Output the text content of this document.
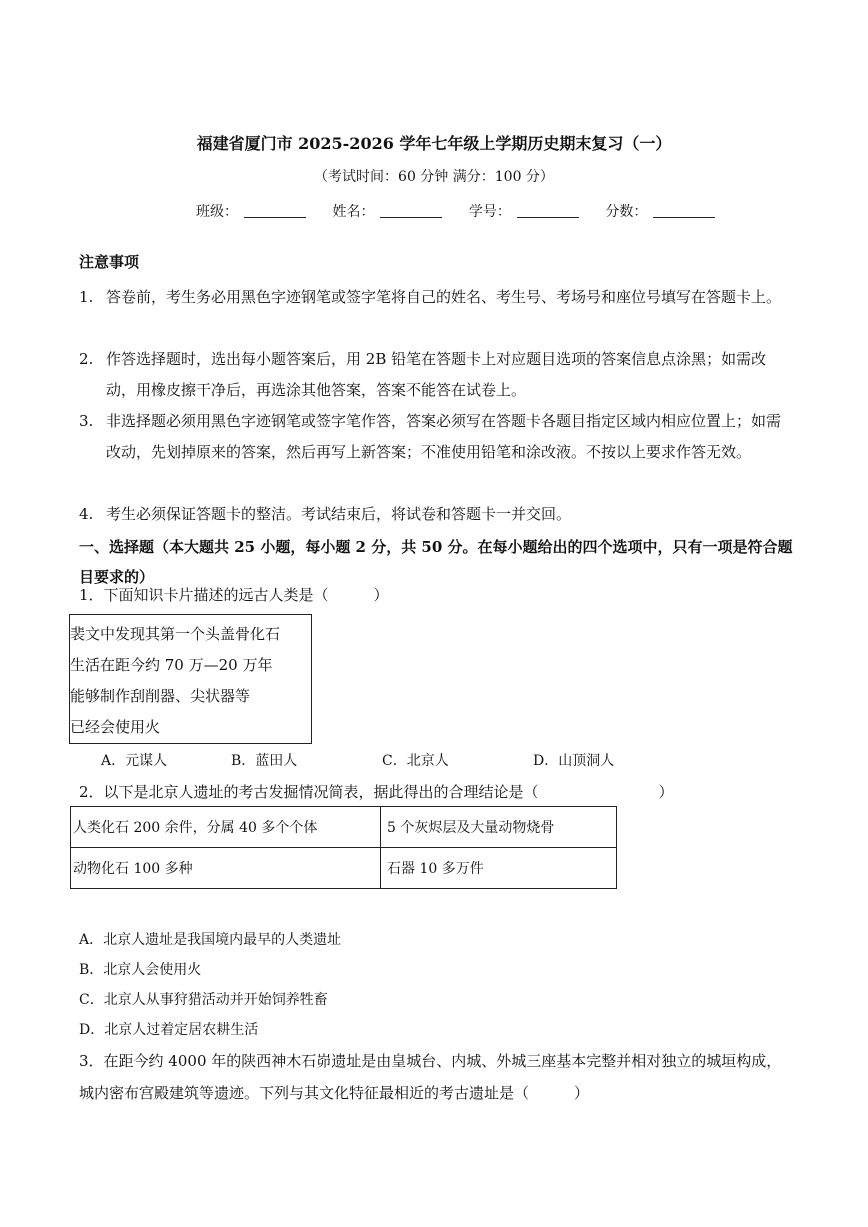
福建省厦门市 2025-2026 学年七年级上学期历史期末复习（一）
（考试时间：60 分钟 满分：100 分）
班级：	姓名：	学号：	分数：
注意事项
1. 答卷前，考生务必用黑色字迹钢笔或签字笔将自己的姓名、考生号、考场号和座位号填写在答题卡上。
2. 作答选择题时，选出每小题答案后，用 2B 铅笔在答题卡上对应题目选项的答案信息点涂黑；如需改动，用橡皮擦干净后，再选涂其他答案，答案不能答在试卷上。
3. 非选择题必须用黑色字迹钢笔或签字笔作答，答案必须写在答题卡各题目指定区域内相应位置上；如需改动，先划掉原来的答案，然后再写上新答案；不准使用铅笔和涂改液。不按以上要求作答无效。
4. 考生必须保证答题卡的整洁。考试结束后，将试卷和答题卡一并交回。
一、选择题（本大题共 25 小题，每小题 2 分，共 50 分。在每小题给出的四个选项中，只有一项是符合题目要求的）
1．下面知识卡片描述的远古人类是（　　　）
裴文中发现其第一个头盖骨化石
生活在距今约 70 万—20 万年
能够制作刮削器、尖状器等
已经会使用火
A．元谋人	B．蓝田人	C．北京人	D．山顶洞人
2．以下是北京人遗址的考古发掘情况简表，据此得出的合理结论是（　　　　　　　　）
人类化石 200 余件，分属 40 多个个体	5 个灰烬层及大量动物烧骨

动物化石 100 多种	石器 10 多万件
A．北京人遗址是我国境内最早的人类遗址
B．北京人会使用火
C．北京人从事狩猎活动并开始饲养牲畜
D．北京人过着定居农耕生活
3．在距今约 4000 年的陕西神木石峁遗址是由皇城台、内城、外城三座基本完整并相对独立的城垣构成，城内密布宫殿建筑等遗迹。下列与其文化特征最相近的考古遗址是（　　　）
